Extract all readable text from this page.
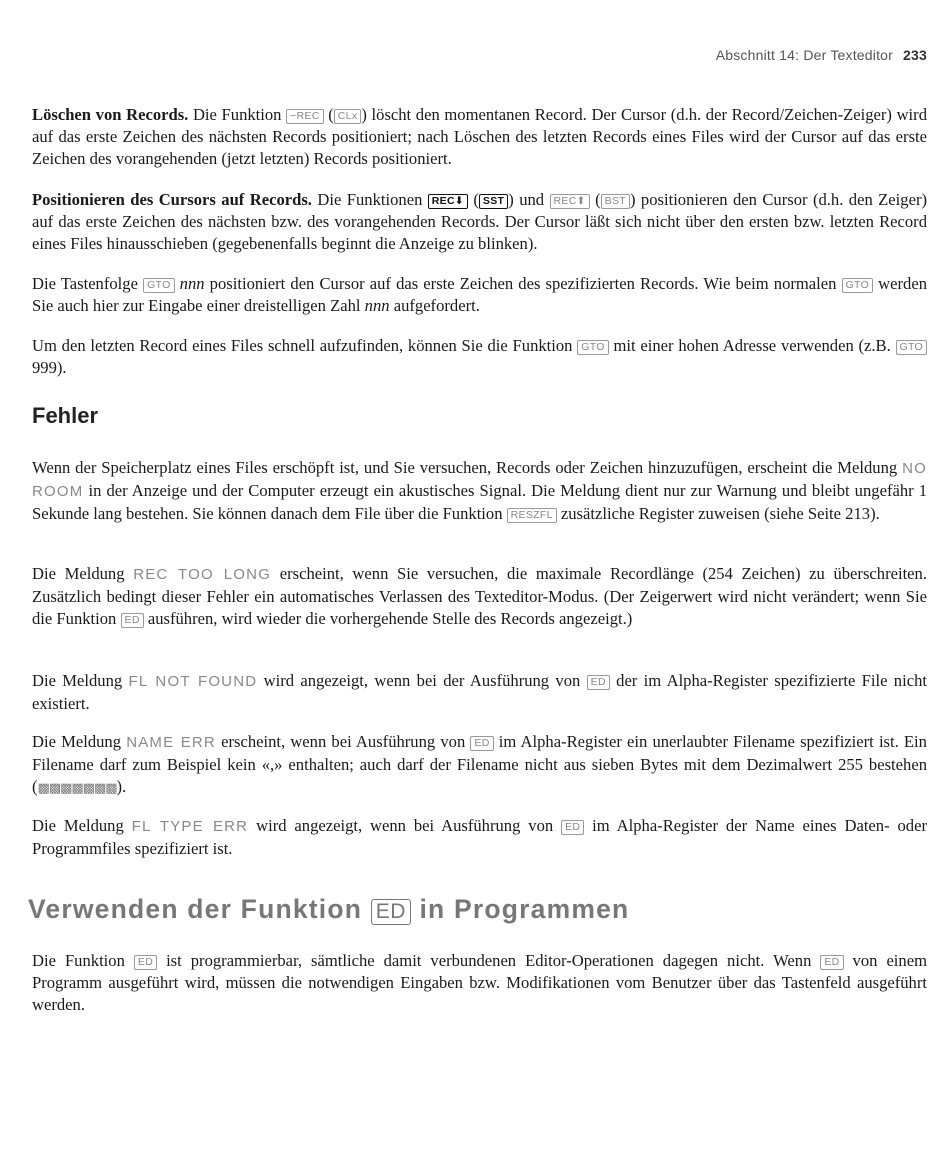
Abschnitt 14: Der Texteditor 233

Löschen von Records. Die Funktion −REC ( CLx ) löscht den momentanen Record. Der Cursor (d.h. der Record/Zeichen-Zeiger) wird auf das erste Zeichen des nächsten Records positioniert; nach Löschen des letzten Records eines Files wird der Cursor auf das erste Zeichen des vorangehenden (jetzt letzten) Records positioniert.

Positionieren des Cursors auf Records. Die Funktionen REC⬇ ( SST ) und REC⬆ ( BST ) positionieren den Cursor (d.h. den Zeiger) auf das erste Zeichen des nächsten bzw. des vorangehenden Records. Der Cursor läßt sich nicht über den ersten bzw. letzten Record eines Files hinausschieben (gegebenenfalls beginnt die Anzeige zu blinken).

Die Tastenfolge GTO nnn positioniert den Cursor auf das erste Zeichen des spezifizierten Records. Wie beim normalen GTO werden Sie auch hier zur Eingabe einer dreistelligen Zahl nnn aufgefordert.

Um den letzten Record eines Files schnell aufzufinden, können Sie die Funktion GTO mit einer hohen Adresse verwenden (z.B. GTO 999).

Fehler

Wenn der Speicherplatz eines Files erschöpft ist, und Sie versuchen, Records oder Zeichen hinzuzufügen, erscheint die Meldung NO ROOM in der Anzeige und der Computer erzeugt ein akustisches Signal. Die Meldung dient nur zur Warnung und bleibt ungefähr 1 Sekunde lang bestehen. Sie können danach dem File über die Funktion RESZFL zusätzliche Register zuweisen (siehe Seite 213).

Die Meldung REC TOO LONG erscheint, wenn Sie versuchen, die maximale Recordlänge (254 Zeichen) zu überschreiten. Zusätzlich bedingt dieser Fehler ein automatisches Verlassen des Texteditor-Modus. (Der Zeigerwert wird nicht verändert; wenn Sie die Funktion ED ausführen, wird wieder die vorhergehende Stelle des Records angezeigt.)

Die Meldung FL NOT FOUND wird angezeigt, wenn bei der Ausführung von ED der im Alpha-Register spezifizierte File nicht existiert.

Die Meldung NAME ERR erscheint, wenn bei Ausführung von ED im Alpha-Register ein unerlaubter Filename spezifiziert ist. Ein Filename darf zum Beispiel kein «,» enthalten; auch darf der Filename nicht aus sieben Bytes mit dem Dezimalwert 255 bestehen (▩▩▩▩▩▩▩).

Die Meldung FL TYPE ERR wird angezeigt, wenn bei Ausführung von ED im Alpha-Register der Name eines Daten- oder Programmfiles spezifiziert ist.

Verwenden der Funktion ED in Programmen

Die Funktion ED ist programmierbar, sämtliche damit verbundenen Editor-Operationen dagegen nicht. Wenn ED von einem Programm ausgeführt wird, müssen die notwendigen Eingaben bzw. Modifikationen vom Benutzer über das Tastenfeld ausgeführt werden.
